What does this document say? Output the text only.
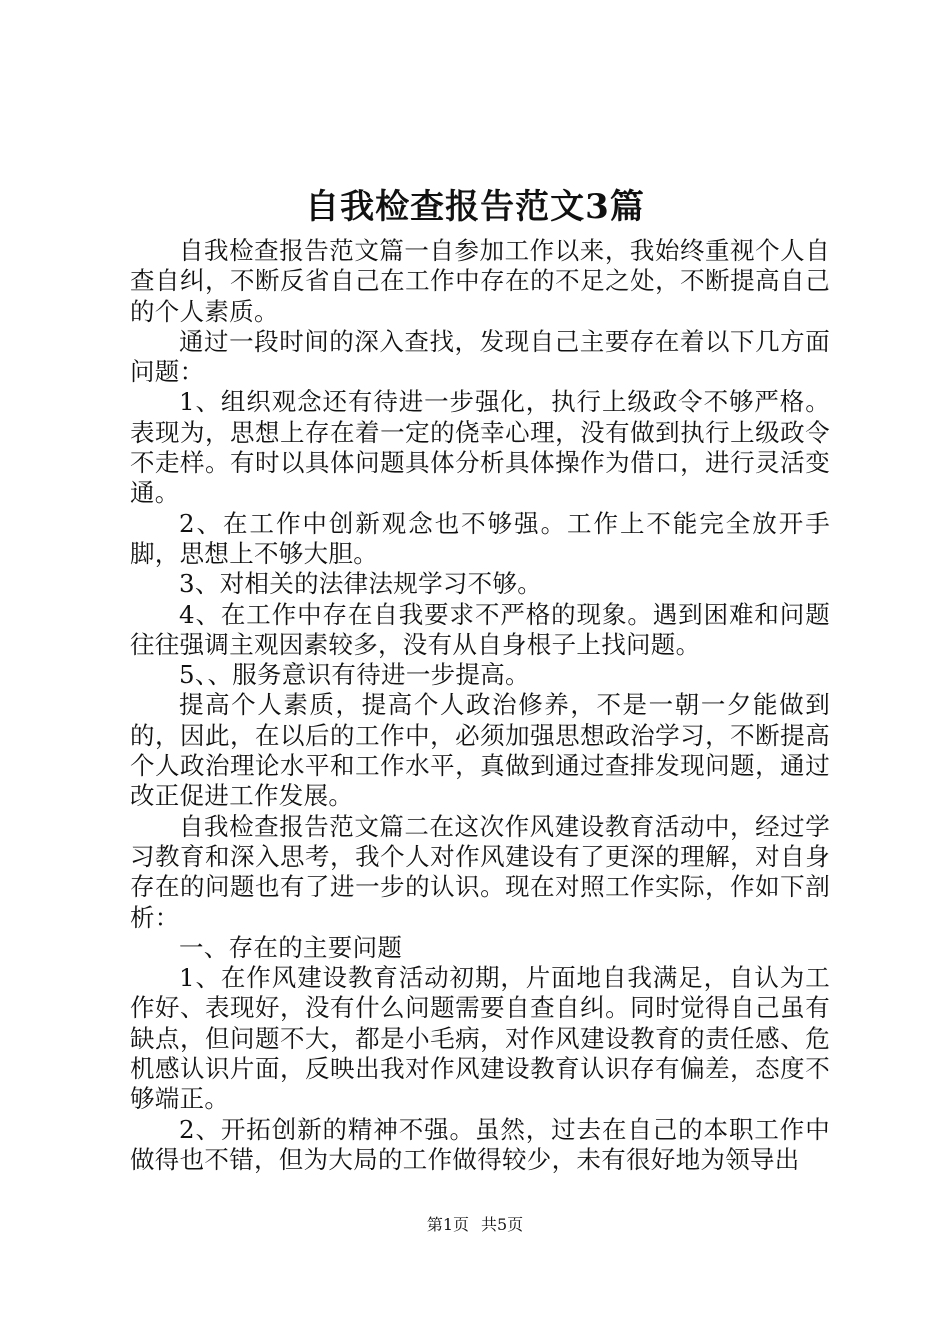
自我检查报告范文3篇

自我检查报告范文篇一自参加工作以来，我始终重视个人自查自纠，不断反省自己在工作中存在的不足之处，不断提高自己的个人素质。

通过一段时间的深入查找，发现自己主要存在着以下几方面问题：

1、组织观念还有待进一步强化，执行上级政令不够严格。表现为，思想上存在着一定的侥幸心理，没有做到执行上级政令不走样。有时以具体问题具体分析具体操作为借口，进行灵活变通。

2、在工作中创新观念也不够强。工作上不能完全放开手脚，思想上不够大胆。

3、对相关的法律法规学习不够。

4、在工作中存在自我要求不严格的现象。遇到困难和问题往往强调主观因素较多，没有从自身根子上找问题。

5、、服务意识有待进一步提高。

提高个人素质，提高个人政治修养，不是一朝一夕能做到的，因此，在以后的工作中，必须加强思想政治学习，不断提高个人政治理论水平和工作水平，真做到通过查排发现问题，通过改正促进工作发展。

自我检查报告范文篇二在这次作风建设教育活动中，经过学习教育和深入思考，我个人对作风建设有了更深的理解，对自身存在的问题也有了进一步的认识。现在对照工作实际，作如下剖析：

一、存在的主要问题

1、在作风建设教育活动初期，片面地自我满足，自认为工作好、表现好，没有什么问题需要自查自纠。同时觉得自己虽有缺点，但问题不大，都是小毛病，对作风建设教育的责任感、危机感认识片面，反映出我对作风建设教育认识存有偏差，态度不够端正。

2、开拓创新的精神不强。虽然，过去在自己的本职工作中做得也不错，但为大局的工作做得较少，未有很好地为领导出

第1页 共5页
